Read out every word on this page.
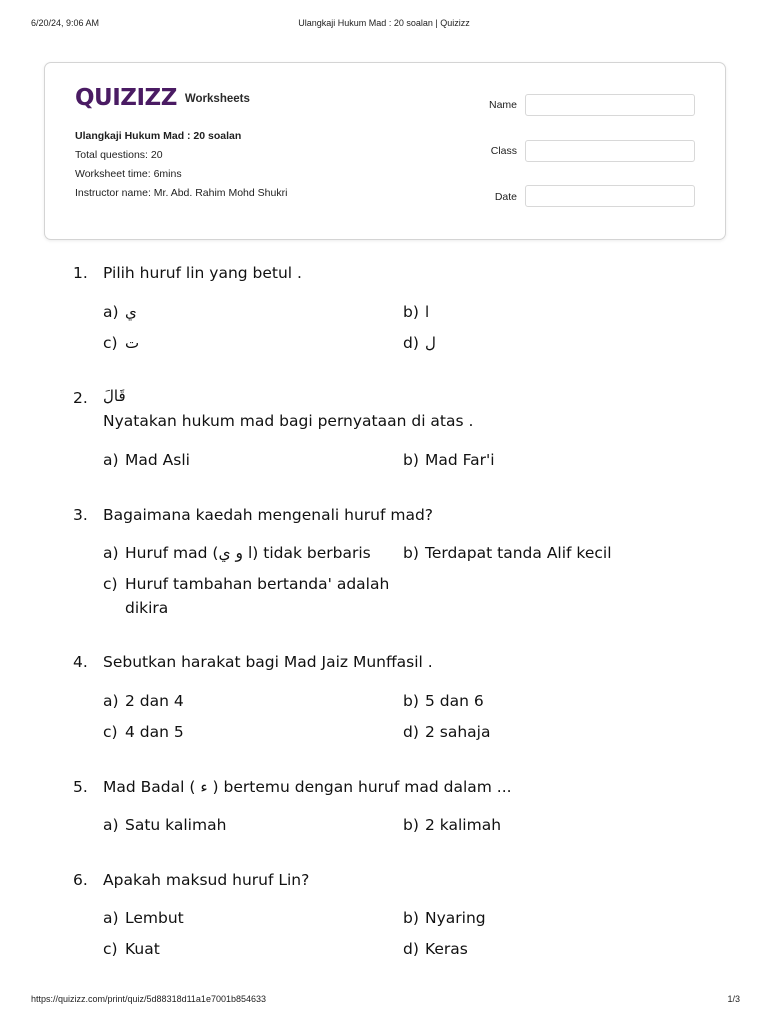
6/20/24, 9:06 AM	Ulangkaji Hukum Mad : 20 soalan | Quizizz
QUIZIZZ Worksheets
Ulangkaji Hukum Mad : 20 soalan
Total questions: 20
Worksheet time: 6mins
Instructor name: Mr. Abd. Rahim Mohd Shukri
Name
Class
Date
1. Pilih huruf lin yang betul .
a) ي	b) ا
c) ت	d) ل
2. قَالَ
Nyatakan hukum mad bagi pernyataan di atas .
a) Mad Asli	b) Mad Far'i
3. Bagaimana kaedah mengenali huruf mad?
a) Huruf mad (ا و ي) tidak berbaris b) Terdapat tanda Alif kecil
c) Huruf tambahan bertanda' adalah dikira
4. Sebutkan harakat bagi Mad Jaiz Munffasil .
a) 2 dan 4	b) 5 dan 6
c) 4 dan 5	d) 2 sahaja
5. Mad Badal ( ء ) bertemu dengan huruf mad dalam ...
a) Satu kalimah	b) 2 kalimah
6. Apakah maksud huruf Lin?
a) Lembut	b) Nyaring
c) Kuat	d) Keras
https://quizizz.com/print/quiz/5d88318d11a1e7001b854633	1/3
